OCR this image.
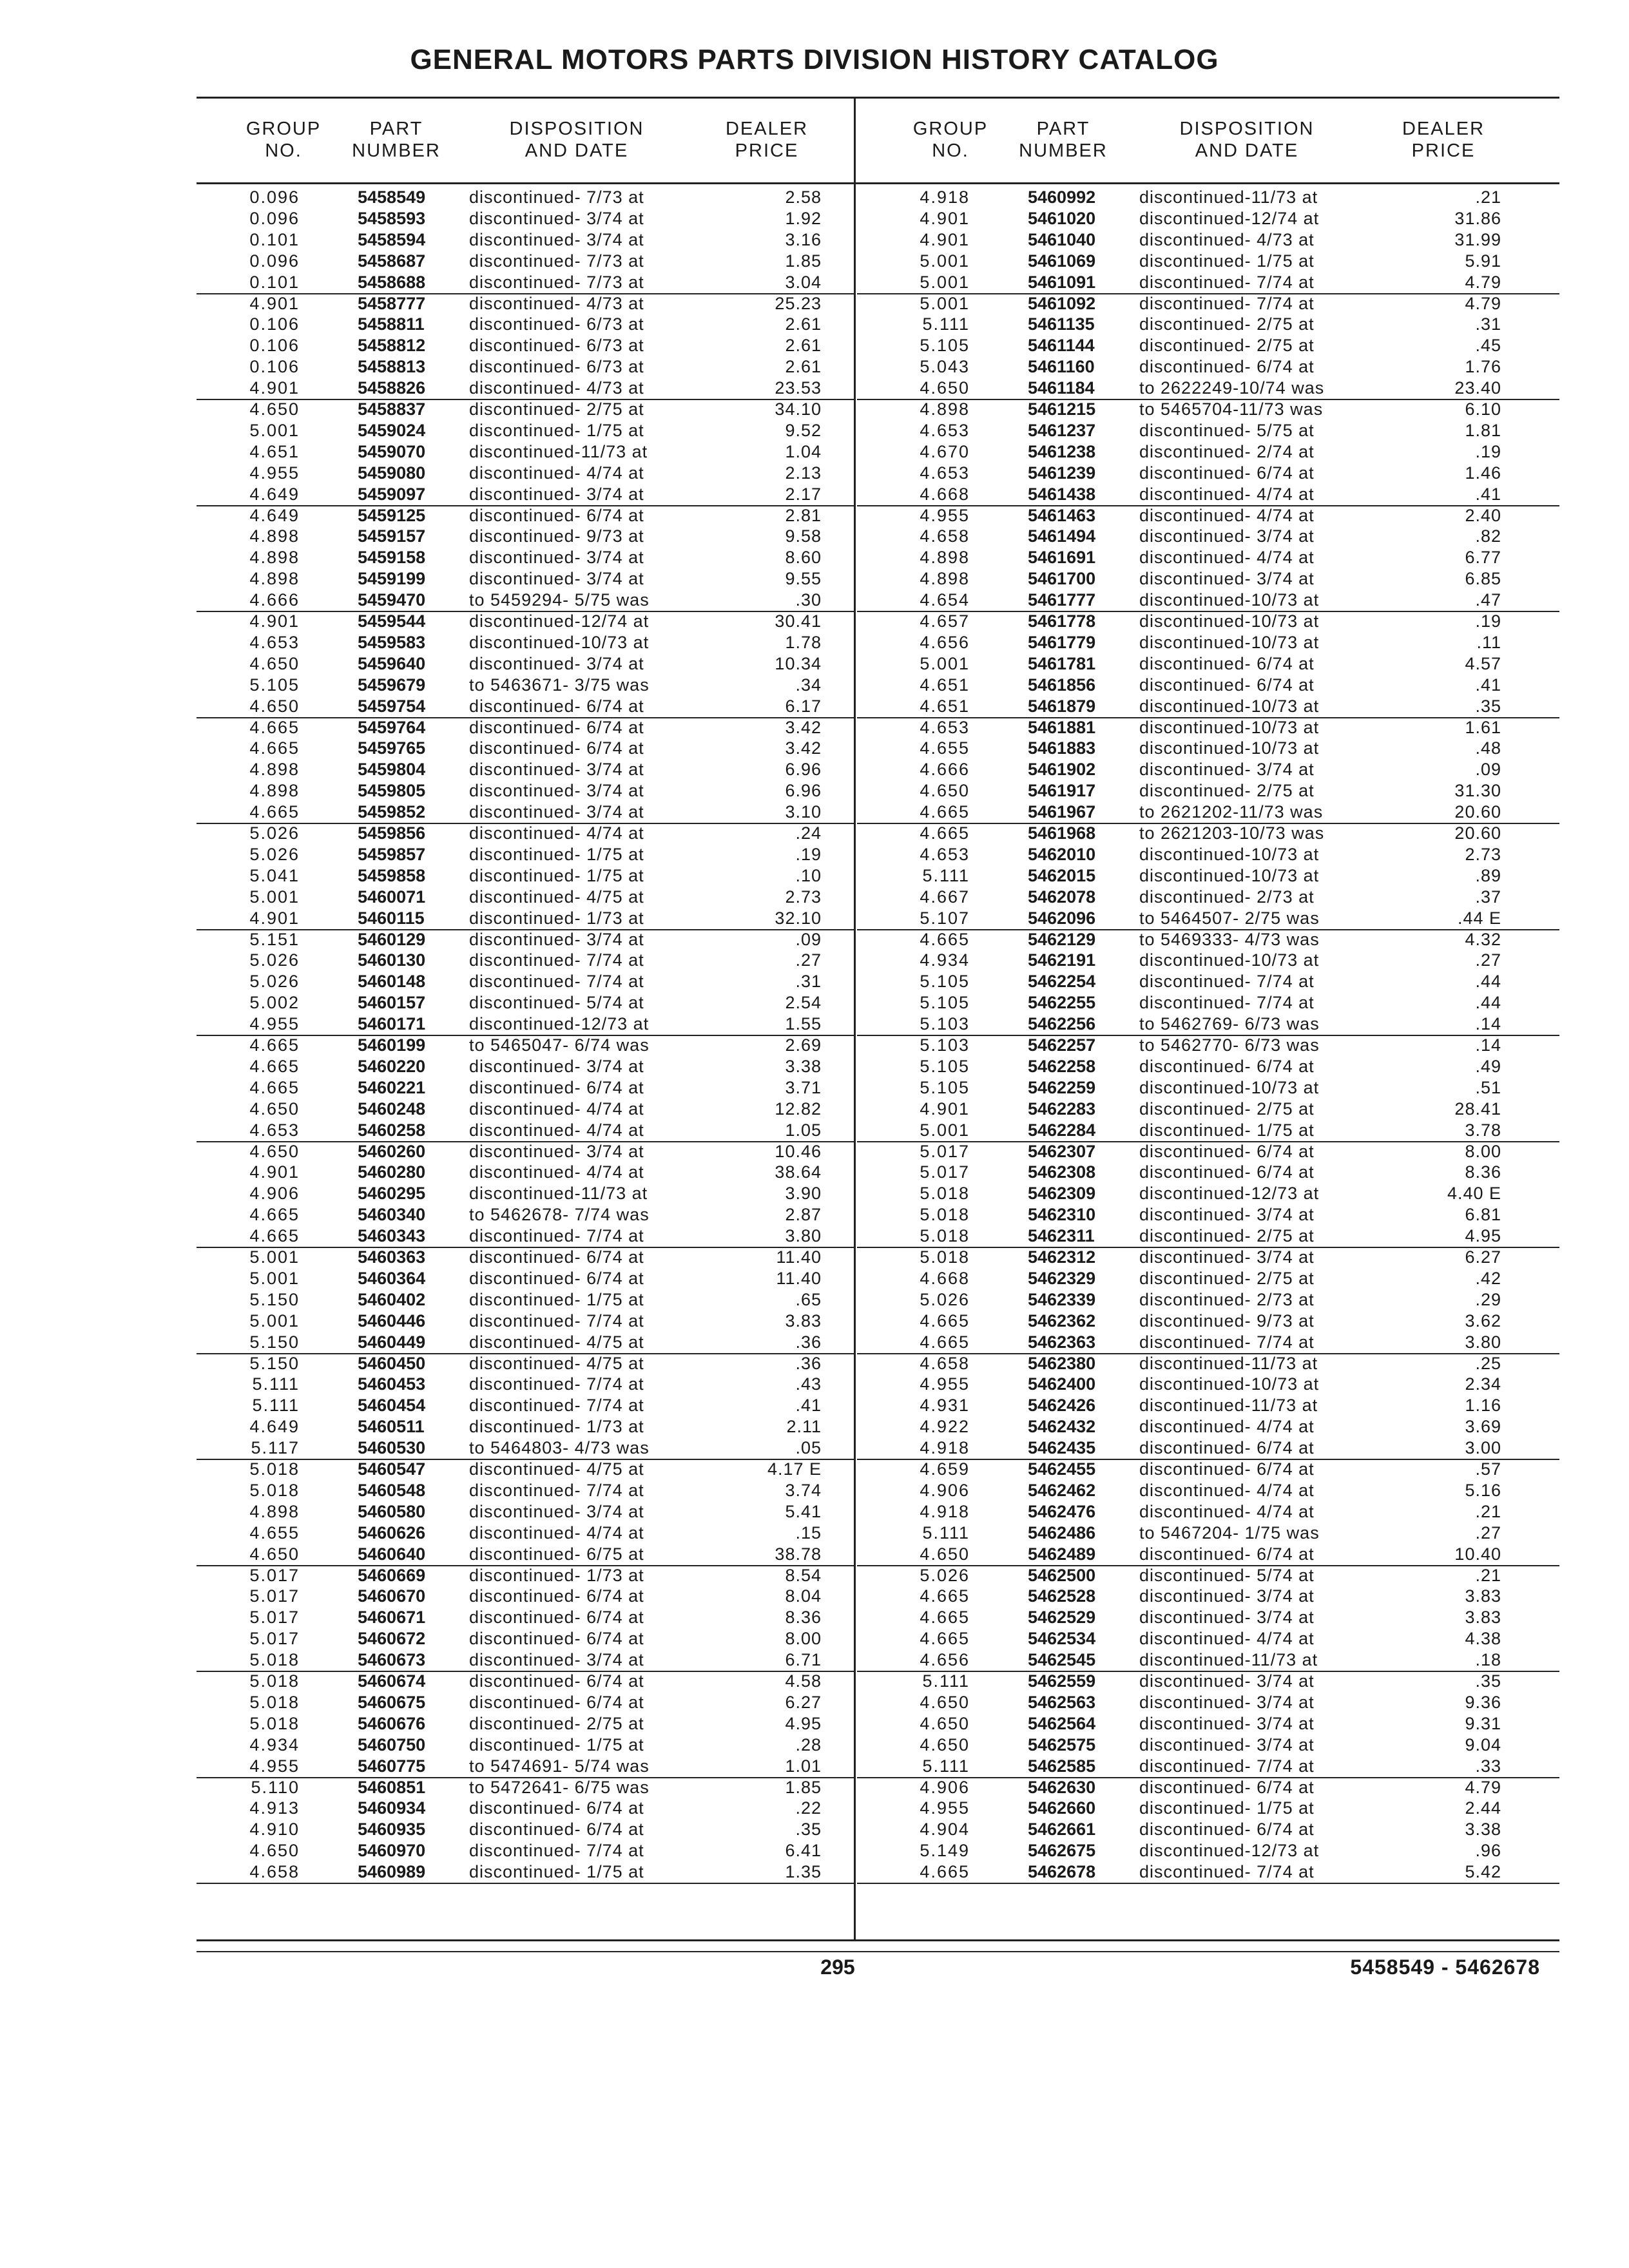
GENERAL MOTORS PARTS DIVISION HISTORY CATALOG
GROUP
NO.
PART
NUMBER
DISPOSITION
AND DATE
DEALER
PRICE
GROUP
NO.
PART
NUMBER
DISPOSITION
AND DATE
DEALER
PRICE
0.096	5458549	discontinued- 7/73 at	2.58
0.096	5458593	discontinued- 3/74 at	1.92
0.101	5458594	discontinued- 3/74 at	3.16
0.096	5458687	discontinued- 7/73 at	1.85
0.101	5458688	discontinued- 7/73 at	3.04
4.901	5458777	discontinued- 4/73 at	25.23
0.106	5458811	discontinued- 6/73 at	2.61
0.106	5458812	discontinued- 6/73 at	2.61
0.106	5458813	discontinued- 6/73 at	2.61
4.901	5458826	discontinued- 4/73 at	23.53
4.650	5458837	discontinued- 2/75 at	34.10
5.001	5459024	discontinued- 1/75 at	9.52
4.651	5459070	discontinued-11/73 at	1.04
4.955	5459080	discontinued- 4/74 at	2.13
4.649	5459097	discontinued- 3/74 at	2.17
4.649	5459125	discontinued- 6/74 at	2.81
4.898	5459157	discontinued- 9/73 at	9.58
4.898	5459158	discontinued- 3/74 at	8.60
4.898	5459199	discontinued- 3/74 at	9.55
4.666	5459470	to 5459294- 5/75 was	.30
4.901	5459544	discontinued-12/74 at	30.41
4.653	5459583	discontinued-10/73 at	1.78
4.650	5459640	discontinued- 3/74 at	10.34
5.105	5459679	to 5463671- 3/75 was	.34
4.650	5459754	discontinued- 6/74 at	6.17
4.665	5459764	discontinued- 6/74 at	3.42
4.665	5459765	discontinued- 6/74 at	3.42
4.898	5459804	discontinued- 3/74 at	6.96
4.898	5459805	discontinued- 3/74 at	6.96
4.665	5459852	discontinued- 3/74 at	3.10
5.026	5459856	discontinued- 4/74 at	.24
5.026	5459857	discontinued- 1/75 at	.19
5.041	5459858	discontinued- 1/75 at	.10
5.001	5460071	discontinued- 4/75 at	2.73
4.901	5460115	discontinued- 1/73 at	32.10
5.151	5460129	discontinued- 3/74 at	.09
5.026	5460130	discontinued- 7/74 at	.27
5.026	5460148	discontinued- 7/74 at	.31
5.002	5460157	discontinued- 5/74 at	2.54
4.955	5460171	discontinued-12/73 at	1.55
4.665	5460199	to 5465047- 6/74 was	2.69
4.665	5460220	discontinued- 3/74 at	3.38
4.665	5460221	discontinued- 6/74 at	3.71
4.650	5460248	discontinued- 4/74 at	12.82
4.653	5460258	discontinued- 4/74 at	1.05
4.650	5460260	discontinued- 3/74 at	10.46
4.901	5460280	discontinued- 4/74 at	38.64
4.906	5460295	discontinued-11/73 at	3.90
4.665	5460340	to 5462678- 7/74 was	2.87
4.665	5460343	discontinued- 7/74 at	3.80
5.001	5460363	discontinued- 6/74 at	11.40
5.001	5460364	discontinued- 6/74 at	11.40
5.150	5460402	discontinued- 1/75 at	.65
5.001	5460446	discontinued- 7/74 at	3.83
5.150	5460449	discontinued- 4/75 at	.36
5.150	5460450	discontinued- 4/75 at	.36
5.111	5460453	discontinued- 7/74 at	.43
5.111	5460454	discontinued- 7/74 at	.41
4.649	5460511	discontinued- 1/73 at	2.11
5.117	5460530	to 5464803- 4/73 was	.05
5.018	5460547	discontinued- 4/75 at	4.17 E
5.018	5460548	discontinued- 7/74 at	3.74
4.898	5460580	discontinued- 3/74 at	5.41
4.655	5460626	discontinued- 4/74 at	.15
4.650	5460640	discontinued- 6/75 at	38.78
5.017	5460669	discontinued- 1/73 at	8.54
5.017	5460670	discontinued- 6/74 at	8.04
5.017	5460671	discontinued- 6/74 at	8.36
5.017	5460672	discontinued- 6/74 at	8.00
5.018	5460673	discontinued- 3/74 at	6.71
5.018	5460674	discontinued- 6/74 at	4.58
5.018	5460675	discontinued- 6/74 at	6.27
5.018	5460676	discontinued- 2/75 at	4.95
4.934	5460750	discontinued- 1/75 at	.28
4.955	5460775	to 5474691- 5/74 was	1.01
5.110	5460851	to 5472641- 6/75 was	1.85
4.913	5460934	discontinued- 6/74 at	.22
4.910	5460935	discontinued- 6/74 at	.35
4.650	5460970	discontinued- 7/74 at	6.41
4.658	5460989	discontinued- 1/75 at	1.35
4.918	5460992	discontinued-11/73 at	.21
4.901	5461020	discontinued-12/74 at	31.86
4.901	5461040	discontinued- 4/73 at	31.99
5.001	5461069	discontinued- 1/75 at	5.91
5.001	5461091	discontinued- 7/74 at	4.79
5.001	5461092	discontinued- 7/74 at	4.79
5.111	5461135	discontinued- 2/75 at	.31
5.105	5461144	discontinued- 2/75 at	.45
5.043	5461160	discontinued- 6/74 at	1.76
4.650	5461184	to 2622249-10/74 was	23.40
4.898	5461215	to 5465704-11/73 was	6.10
4.653	5461237	discontinued- 5/75 at	1.81
4.670	5461238	discontinued- 2/74 at	.19
4.653	5461239	discontinued- 6/74 at	1.46
4.668	5461438	discontinued- 4/74 at	.41
4.955	5461463	discontinued- 4/74 at	2.40
4.658	5461494	discontinued- 3/74 at	.82
4.898	5461691	discontinued- 4/74 at	6.77
4.898	5461700	discontinued- 3/74 at	6.85
4.654	5461777	discontinued-10/73 at	.47
4.657	5461778	discontinued-10/73 at	.19
4.656	5461779	discontinued-10/73 at	.11
5.001	5461781	discontinued- 6/74 at	4.57
4.651	5461856	discontinued- 6/74 at	.41
4.651	5461879	discontinued-10/73 at	.35
4.653	5461881	discontinued-10/73 at	1.61
4.655	5461883	discontinued-10/73 at	.48
4.666	5461902	discontinued- 3/74 at	.09
4.650	5461917	discontinued- 2/75 at	31.30
4.665	5461967	to 2621202-11/73 was	20.60
4.665	5461968	to 2621203-10/73 was	20.60
4.653	5462010	discontinued-10/73 at	2.73
5.111	5462015	discontinued-10/73 at	.89
4.667	5462078	discontinued- 2/73 at	.37
5.107	5462096	to 5464507- 2/75 was	.44 E
4.665	5462129	to 5469333- 4/73 was	4.32
4.934	5462191	discontinued-10/73 at	.27
5.105	5462254	discontinued- 7/74 at	.44
5.105	5462255	discontinued- 7/74 at	.44
5.103	5462256	to 5462769- 6/73 was	.14
5.103	5462257	to 5462770- 6/73 was	.14
5.105	5462258	discontinued- 6/74 at	.49
5.105	5462259	discontinued-10/73 at	.51
4.901	5462283	discontinued- 2/75 at	28.41
5.001	5462284	discontinued- 1/75 at	3.78
5.017	5462307	discontinued- 6/74 at	8.00
5.017	5462308	discontinued- 6/74 at	8.36
5.018	5462309	discontinued-12/73 at	4.40 E
5.018	5462310	discontinued- 3/74 at	6.81
5.018	5462311	discontinued- 2/75 at	4.95
5.018	5462312	discontinued- 3/74 at	6.27
4.668	5462329	discontinued- 2/75 at	.42
5.026	5462339	discontinued- 2/73 at	.29
4.665	5462362	discontinued- 9/73 at	3.62
4.665	5462363	discontinued- 7/74 at	3.80
4.658	5462380	discontinued-11/73 at	.25
4.955	5462400	discontinued-10/73 at	2.34
4.931	5462426	discontinued-11/73 at	1.16
4.922	5462432	discontinued- 4/74 at	3.69
4.918	5462435	discontinued- 6/74 at	3.00
4.659	5462455	discontinued- 6/74 at	.57
4.906	5462462	discontinued- 4/74 at	5.16
4.918	5462476	discontinued- 4/74 at	.21
5.111	5462486	to 5467204- 1/75 was	.27
4.650	5462489	discontinued- 6/74 at	10.40
5.026	5462500	discontinued- 5/74 at	.21
4.665	5462528	discontinued- 3/74 at	3.83
4.665	5462529	discontinued- 3/74 at	3.83
4.665	5462534	discontinued- 4/74 at	4.38
4.656	5462545	discontinued-11/73 at	.18
5.111	5462559	discontinued- 3/74 at	.35
4.650	5462563	discontinued- 3/74 at	9.36
4.650	5462564	discontinued- 3/74 at	9.31
4.650	5462575	discontinued- 3/74 at	9.04
5.111	5462585	discontinued- 7/74 at	.33
4.906	5462630	discontinued- 6/74 at	4.79
4.955	5462660	discontinued- 1/75 at	2.44
4.904	5462661	discontinued- 6/74 at	3.38
5.149	5462675	discontinued-12/73 at	.96
4.665	5462678	discontinued- 7/74 at	5.42
295	5458549 - 5462678
